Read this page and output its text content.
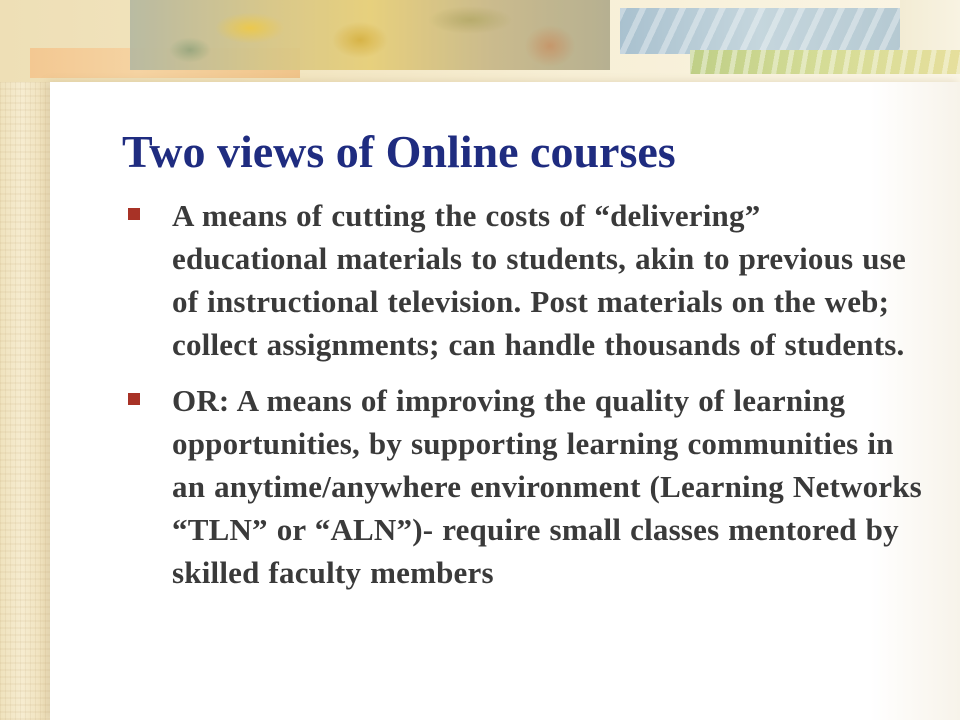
Two views of Online courses
A means of cutting the costs of “delivering” educational materials to students, akin to previous use of instructional television. Post materials on the web; collect assignments; can handle thousands of students.
OR: A means of improving the quality of learning opportunities, by supporting learning communities in an anytime/anywhere environment (Learning Networks “TLN” or “ALN”)- require small classes mentored by skilled faculty members
